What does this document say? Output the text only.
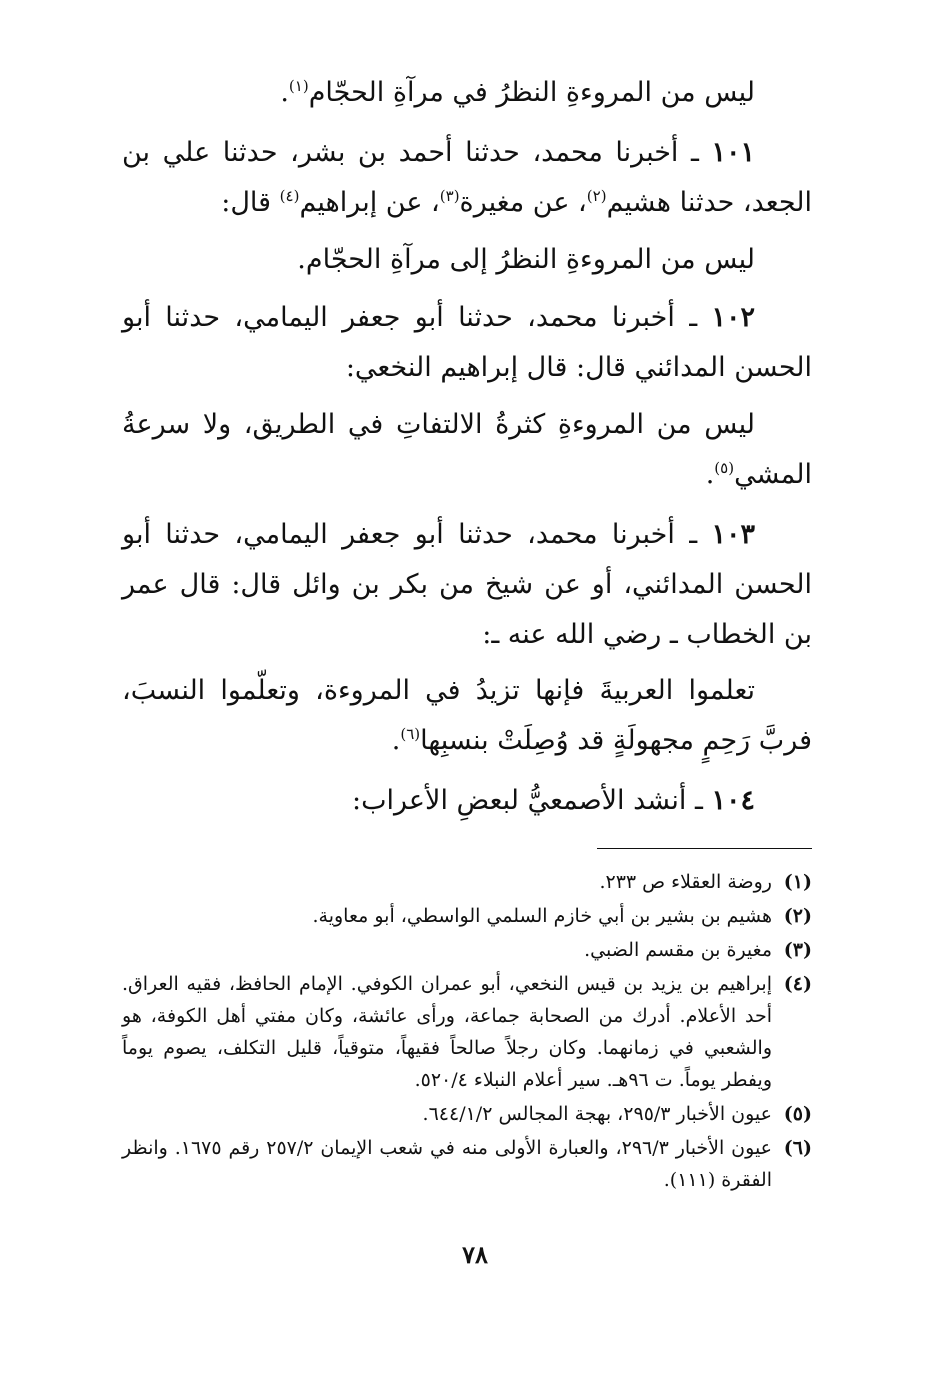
ليس من المروءةِ النظرُ في مرآةِ الحجّام$^{(١)}$.
١٠١ ـ أخبرنا محمد، حدثنا أحمد بن بشر، حدثنا علي بن الجعد، حدثنا هشيم$^{(٢)}$، عن مغيرة$^{(٣)}$، عن إبراهيم$^{(٤)}$ قال:
ليس من المروءةِ النظرُ إلى مرآةِ الحجّام.
١٠٢ ـ أخبرنا محمد، حدثنا أبو جعفر اليمامي، حدثنا أبو الحسن المدائني قال: قال إبراهيم النخعي:
ليس من المروءةِ كثرةُ الالتفاتِ في الطريق، ولا سرعةُ المشي$^{(٥)}$.
١٠٣ ـ أخبرنا محمد، حدثنا أبو جعفر اليمامي، حدثنا أبو الحسن المدائني، أو عن شيخ من بكر بن وائل قال: قال عمر بن الخطاب ـ رضي الله عنه ـ:
تعلموا العربيةَ فإنها تزيدُ في المروءة، وتعلّموا النسبَ، فربَّ رَحِمٍ مجهولَةٍ قد وُصِلَتْ بنسبِها$^{(٦)}$.
١٠٤ ـ أنشد الأصمعيُّ لبعضِ الأعراب:
(١)
روضة العقلاء ص ٢٣٣.
(٢)
هشيم بن بشير بن أبي خازم السلمي الواسطي، أبو معاوية.
(٣)
مغيرة بن مقسم الضبي.
(٤)
إبراهيم بن يزيد بن قيس النخعي، أبو عمران الكوفي. الإمام الحافظ، فقيه العراق. أحد الأعلام. أدرك من الصحابة جماعة، ورأى عائشة، وكان مفتي أهل الكوفة، هو والشعبي في زمانهما. وكان رجلاً صالحاً فقيهاً، متوقياً، قليل التكلف، يصوم يوماً ويفطر يوماً. ت ٩٦هـ. سير أعلام النبلاء ٥٢٠/٤.
(٥)
عيون الأخبار ٢٩٥/٣، بهجة المجالس ٦٤٤/١/٢.
(٦)
عيون الأخبار ٢٩٦/٣، والعبارة الأولى منه في شعب الإيمان ٢٥٧/٢ رقم ١٦٧٥. وانظر الفقرة (١١١).
٧٨
